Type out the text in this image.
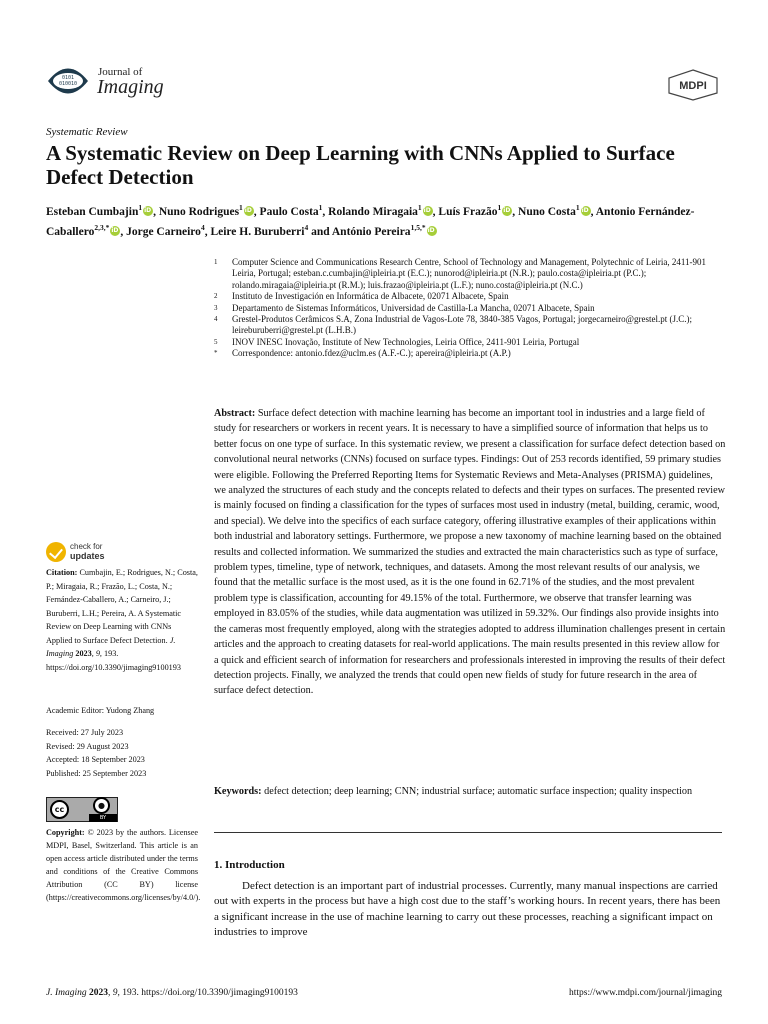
0101
010010
Journal of
Imaging	MDPI
Systematic Review
A Systematic Review on Deep Learning with CNNs Applied to Surface Defect Detection
Esteban Cumbajin$^1$ iD , Nuno Rodrigues$^1$ iD , Paulo Costa$^1$, Rolando Miragaia$^1$ iD , Luís Frazão$^1$ iD , Nuno Costa$^1$ iD , Antonio Fernández-Caballero$^{2,3,*}$ iD , Jorge Carneiro$^4$, Leire H. Buruberri$^4$ and António Pereira$^{1,5,*}$iD
1	Computer Science and Communications Research Centre, School of Technology and Management, Polytechnic of Leiria, 2411-901 Leiria, Portugal; esteban.c.cumbajin@ipleiria.pt (E.C.); nunorod@ipleiria.pt (N.R.); paulo.costa@ipleiria.pt (P.C.); rolando.miragaia@ipleiria.pt (R.M.); luis.frazao@ipleiria.pt (L.F.); nuno.costa@ipleiria.pt (N.C.)
2	Instituto de Investigación en Informática de Albacete, 02071 Albacete, Spain
3	Departamento de Sistemas Informáticos, Universidad de Castilla-La Mancha, 02071 Albacete, Spain
4	Grestel-Produtos Cerâmicos S.A, Zona Industrial de Vagos-Lote 78, 3840-385 Vagos, Portugal; jorgecarneiro@grestel.pt (J.C.); leireburuberri@grestel.pt (L.H.B.)
5	INOV INESC Inovação, Institute of New Technologies, Leiria Office, 2411-901 Leiria, Portugal
*	Correspondence: antonio.fdez@uclm.es (A.F.-C.); apereira@ipleiria.pt (A.P.)
Abstract: Surface defect detection with machine learning has become an important tool in industries and a large field of study for researchers or workers in recent years. It is necessary to have a simplified source of information that helps us to better focus on one type of surface. In this systematic review, we present a classification for surface defect detection based on convolutional neural networks (CNNs) focused on surface types. Findings: Out of 253 records identified, 59 primary studies were eligible. Following the Preferred Reporting Items for Systematic Reviews and Meta-Analyses (PRISMA) guidelines, we analyzed the structures of each study and the concepts related to defects and their types on surfaces. The presented review is mainly focused on finding a classification for the types of surfaces most used in industry (metal, building, ceramic, wood, and special). We delve into the specifics of each surface category, offering illustrative examples of their applications within both industrial and laboratory settings. Furthermore, we propose a new taxonomy of machine learning based on the obtained results and collected information. We summarized the studies and extracted the main characteristics such as type of surface, problem types, timeline, type of network, techniques, and datasets. Among the most relevant results of our analysis, we found that the metallic surface is the most used, as it is the one found in 62.71% of the studies, and the most prevalent problem type is classification, accounting for 49.15% of the total. Furthermore, we observe that transfer learning was employed in 83.05% of the studies, while data augmentation was utilized in 59.32%. Our findings also provide insights into the cameras most frequently employed, along with the strategies adopted to address illumination challenges present in certain articles and the approach to creating datasets for real-world applications. The main results presented in this review allow for a quick and efficient search of information for researchers and professionals interested in improving the results of their defect detection projects. Finally, we analyzed the trends that could open new fields of study for future research in the area of surface defect detection.
Keywords: defect detection; deep learning; CNN; industrial surface; automatic surface inspection; quality inspection
1. Introduction

Defect detection is an important part of industrial processes. Currently, many manual inspections are carried out with experts in the process but have a high cost due to the staff’s working hours. In recent years, there has been a significant increase in the use of machine learning to carry out these processes, reaching a significant impact on industries to improve

check for
updates
Citation: Cumbajin, E.; Rodrigues, N.; Costa, P.; Miragaia, R.; Frazão, L.; Costa, N.; Fernández-Caballero, A.; Carneiro, J.; Buruberri, L.H.; Pereira, A. A Systematic Review on Deep Learning with CNNs Applied to Surface Defect Detection. J. Imaging 2023, 9, 193. https://doi.org/10.3390/jimaging9100193
Academic Editor: Yudong Zhang
Received: 27 July 2023
Revised: 29 August 2023
Accepted: 18 September 2023
Published: 25 September 2023
cc	●
BY
Copyright: © 2023 by the authors. Licensee MDPI, Basel, Switzerland. This article is an open access article distributed under the terms and conditions of the Creative Commons Attribution (CC BY) license (https://creativecommons.org/licenses/by/4.0/).
J. Imaging 2023, 9, 193. https://doi.org/10.3390/jimaging9100193	https://www.mdpi.com/journal/jimaging
